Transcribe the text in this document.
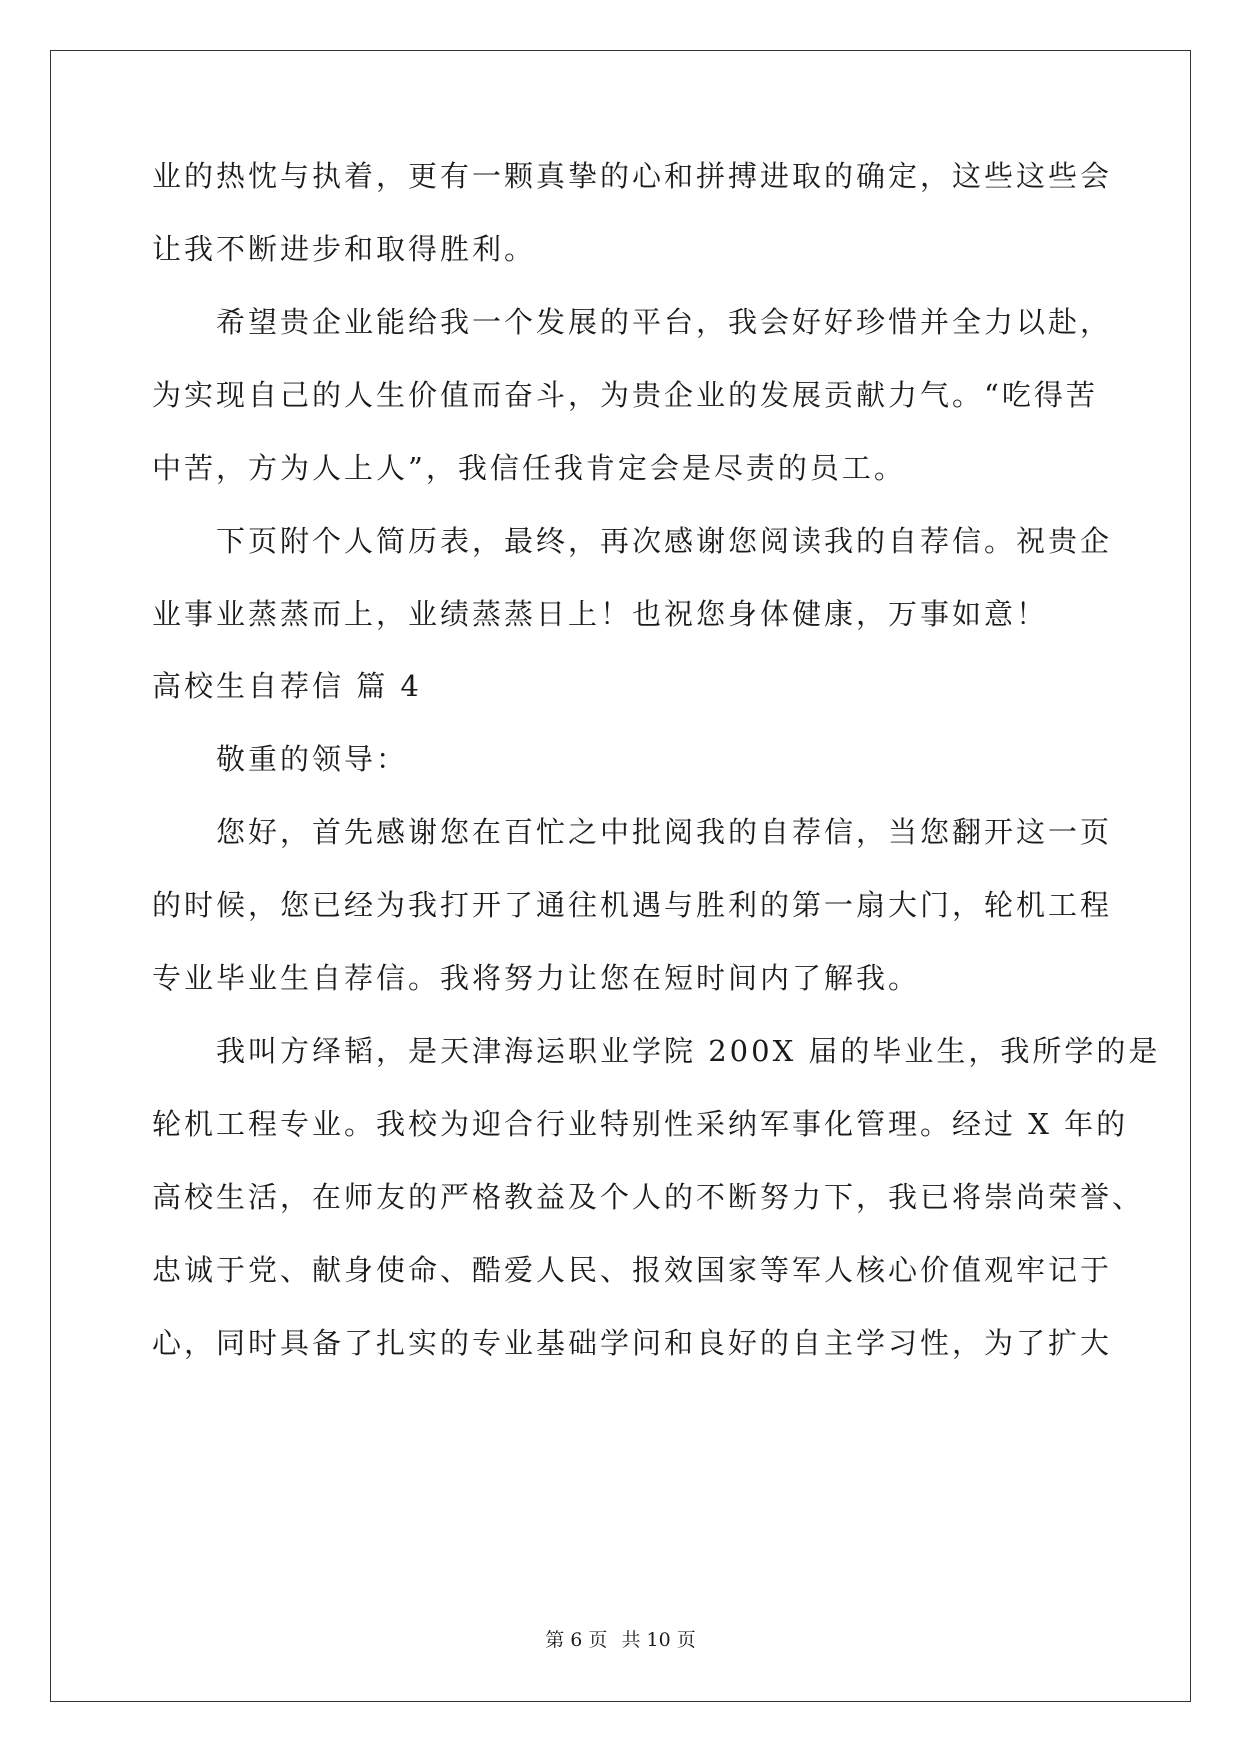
业的热忱与执着，更有一颗真挚的心和拼搏进取的确定，这些这些会
让我不断进步和取得胜利。
　　希望贵企业能给我一个发展的平台，我会好好珍惜并全力以赴，
为实现自己的人生价值而奋斗，为贵企业的发展贡献力气。“吃得苦
中苦，方为人上人”，我信任我肯定会是尽责的员工。
　　下页附个人简历表，最终，再次感谢您阅读我的自荐信。祝贵企
业事业蒸蒸而上，业绩蒸蒸日上！也祝您身体健康，万事如意！
高校生自荐信 篇 4
　　敬重的领导：
　　您好，首先感谢您在百忙之中批阅我的自荐信，当您翻开这一页
的时候，您已经为我打开了通往机遇与胜利的第一扇大门，轮机工程
专业毕业生自荐信。我将努力让您在短时间内了解我。
　　我叫方绎韬，是天津海运职业学院 200X 届的毕业生，我所学的是
轮机工程专业。我校为迎合行业特别性采纳军事化管理。经过 X 年的
高校生活，在师友的严格教益及个人的不断努力下，我已将崇尚荣誉、
忠诚于党、献身使命、酷爱人民、报效国家等军人核心价值观牢记于
心，同时具备了扎实的专业基础学问和良好的自主学习性，为了扩大
第 6 页 共 10 页
